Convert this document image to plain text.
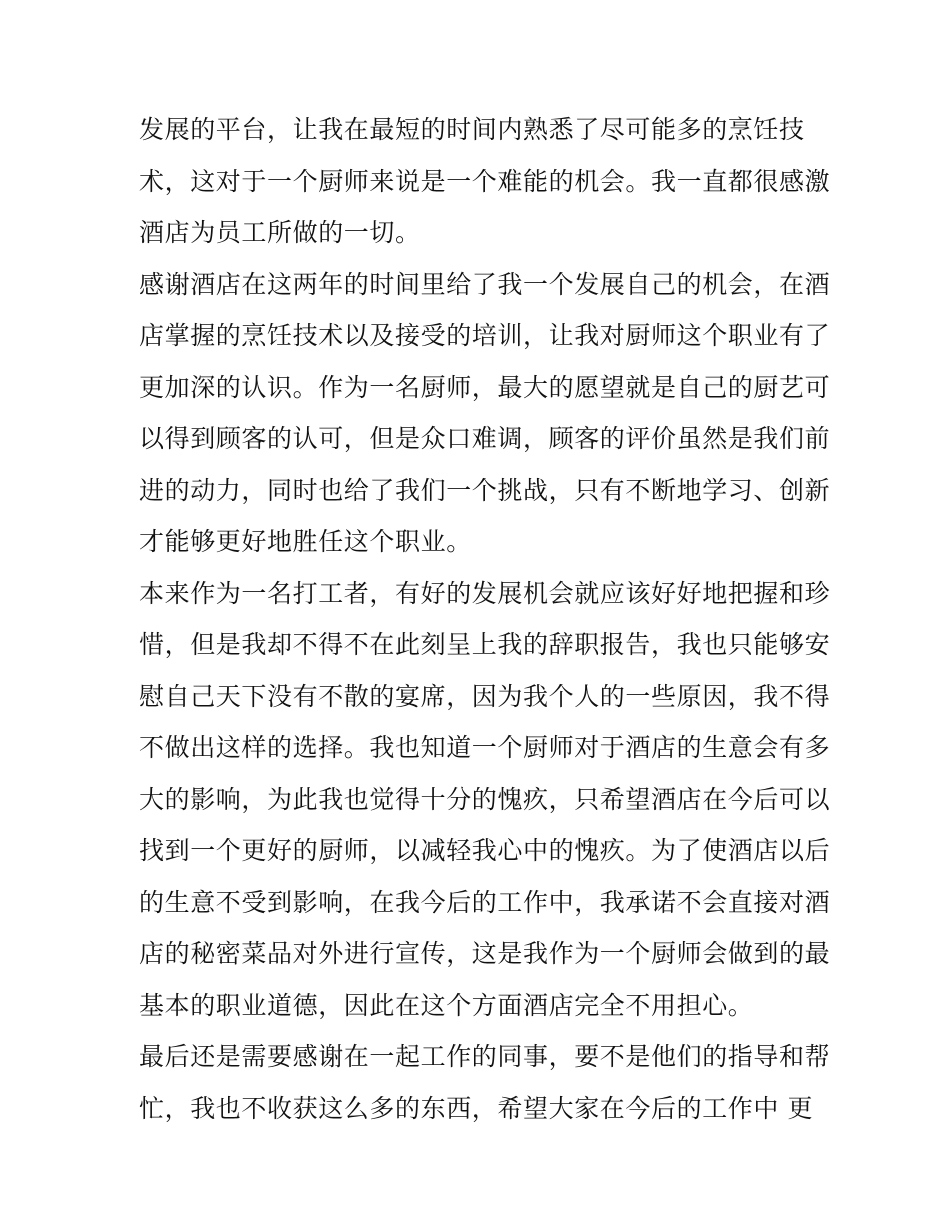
发展的平台，让我在最短的时间内熟悉了尽可能多的烹饪技
术，这对于一个厨师来说是一个难能的机会。我一直都很感激
酒店为员工所做的一切。
感谢酒店在这两年的时间里给了我一个发展自己的机会，在酒
店掌握的烹饪技术以及接受的培训，让我对厨师这个职业有了
更加深的认识。作为一名厨师，最大的愿望就是自己的厨艺可
以得到顾客的认可，但是众口难调，顾客的评价虽然是我们前
进的动力，同时也给了我们一个挑战，只有不断地学习、创新
才能够更好地胜任这个职业。
本来作为一名打工者，有好的发展机会就应该好好地把握和珍
惜，但是我却不得不在此刻呈上我的辞职报告，我也只能够安
慰自己天下没有不散的宴席，因为我个人的一些原因，我不得
不做出这样的选择。我也知道一个厨师对于酒店的生意会有多
大的影响，为此我也觉得十分的愧疚，只希望酒店在今后可以
找到一个更好的厨师，以减轻我心中的愧疚。为了使酒店以后
的生意不受到影响，在我今后的工作中，我承诺不会直接对酒
店的秘密菜品对外进行宣传，这是我作为一个厨师会做到的最
基本的职业道德，因此在这个方面酒店完全不用担心。
最后还是需要感谢在一起工作的同事，要不是他们的指导和帮
忙，我也不收获这么多的东西，希望大家在今后的工作中 更
